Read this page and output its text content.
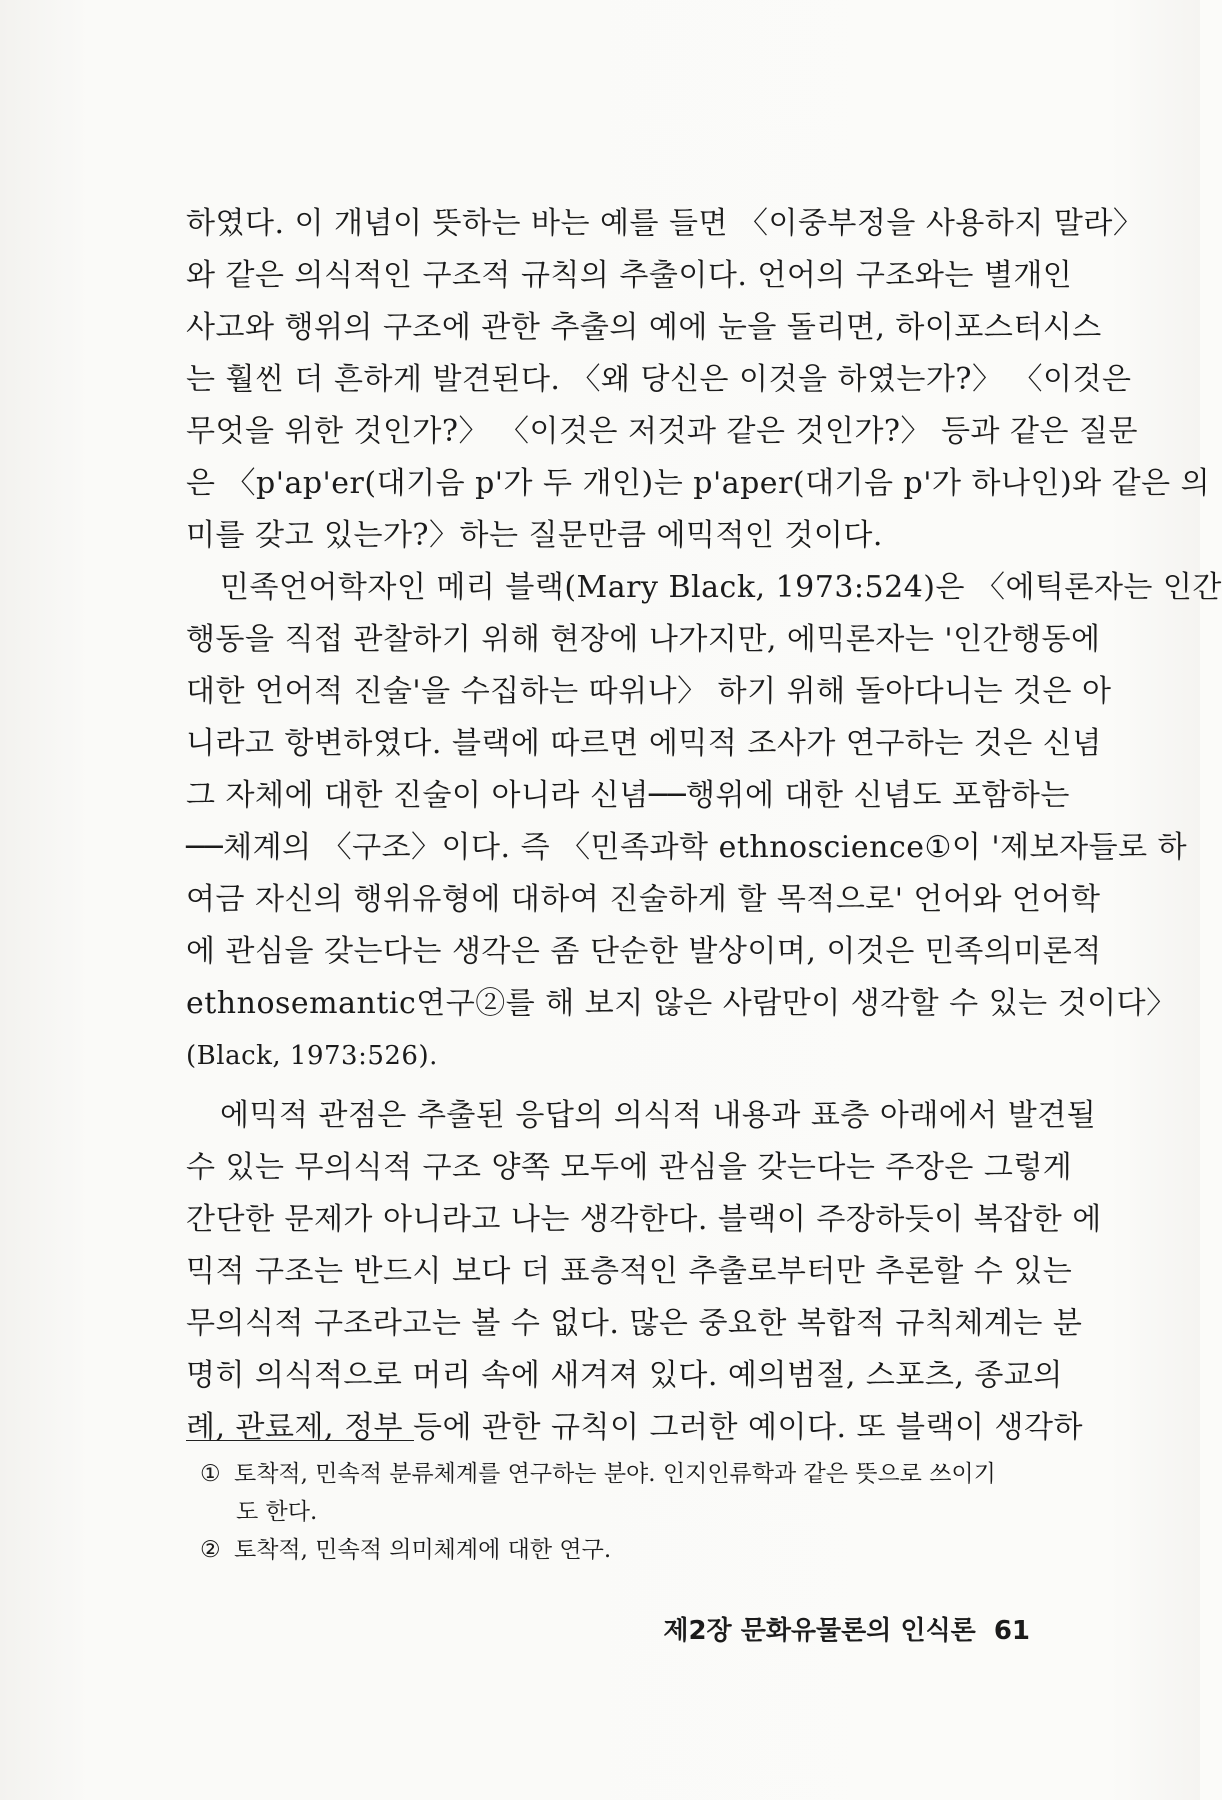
하였다. 이 개념이 뜻하는 바는 예를 들면 〈이중부정을 사용하지 말라〉
와 같은 의식적인 구조적 규칙의 추출이다. 언어의 구조와는 별개인
사고와 행위의 구조에 관한 추출의 예에 눈을 돌리면, 하이포스터시스
는 훨씬 더 흔하게 발견된다. 〈왜 당신은 이것을 하였는가?〉 〈이것은
무엇을 위한 것인가?〉 〈이것은 저것과 같은 것인가?〉 등과 같은 질문
은 〈p'ap'er(대기음 p'가 두 개인)는 p'aper(대기음 p'가 하나인)와 같은 의
미를 갖고 있는가?〉하는 질문만큼 에믹적인 것이다.
민족언어학자인 메리 블랙(Mary Black, 1973:524)은 〈에틱론자는 인간
행동을 직접 관찰하기 위해 현장에 나가지만, 에믹론자는 '인간행동에
대한 언어적 진술'을 수집하는 따위나〉 하기 위해 돌아다니는 것은 아
니라고 항변하였다. 블랙에 따르면 에믹적 조사가 연구하는 것은 신념
그 자체에 대한 진술이 아니라 신념──행위에 대한 신념도 포함하는
──체계의 〈구조〉이다. 즉 〈민족과학 ethnoscience①이 '제보자들로 하
여금 자신의 행위유형에 대하여 진술하게 할 목적으로' 언어와 언어학
에 관심을 갖는다는 생각은 좀 단순한 발상이며, 이것은 민족의미론적
ethnosemantic연구②를 해 보지 않은 사람만이 생각할 수 있는 것이다〉
(Black, 1973:526).
에믹적 관점은 추출된 응답의 의식적 내용과 표층 아래에서 발견될
수 있는 무의식적 구조 양쪽 모두에 관심을 갖는다는 주장은 그렇게
간단한 문제가 아니라고 나는 생각한다. 블랙이 주장하듯이 복잡한 에
믹적 구조는 반드시 보다 더 표층적인 추출로부터만 추론할 수 있는
무의식적 구조라고는 볼 수 없다. 많은 중요한 복합적 규칙체계는 분
명히 의식적으로 머리 속에 새겨져 있다. 예의범절, 스포츠, 종교의
례, 관료제, 정부 등에 관한 규칙이 그러한 예이다. 또 블랙이 생각하
① 토착적, 민속적 분류체계를 연구하는 분야. 인지인류학과 같은 뜻으로 쓰이기
도 한다.
② 토착적, 민속적 의미체계에 대한 연구.
제2장 문화유물론의 인식론 61
